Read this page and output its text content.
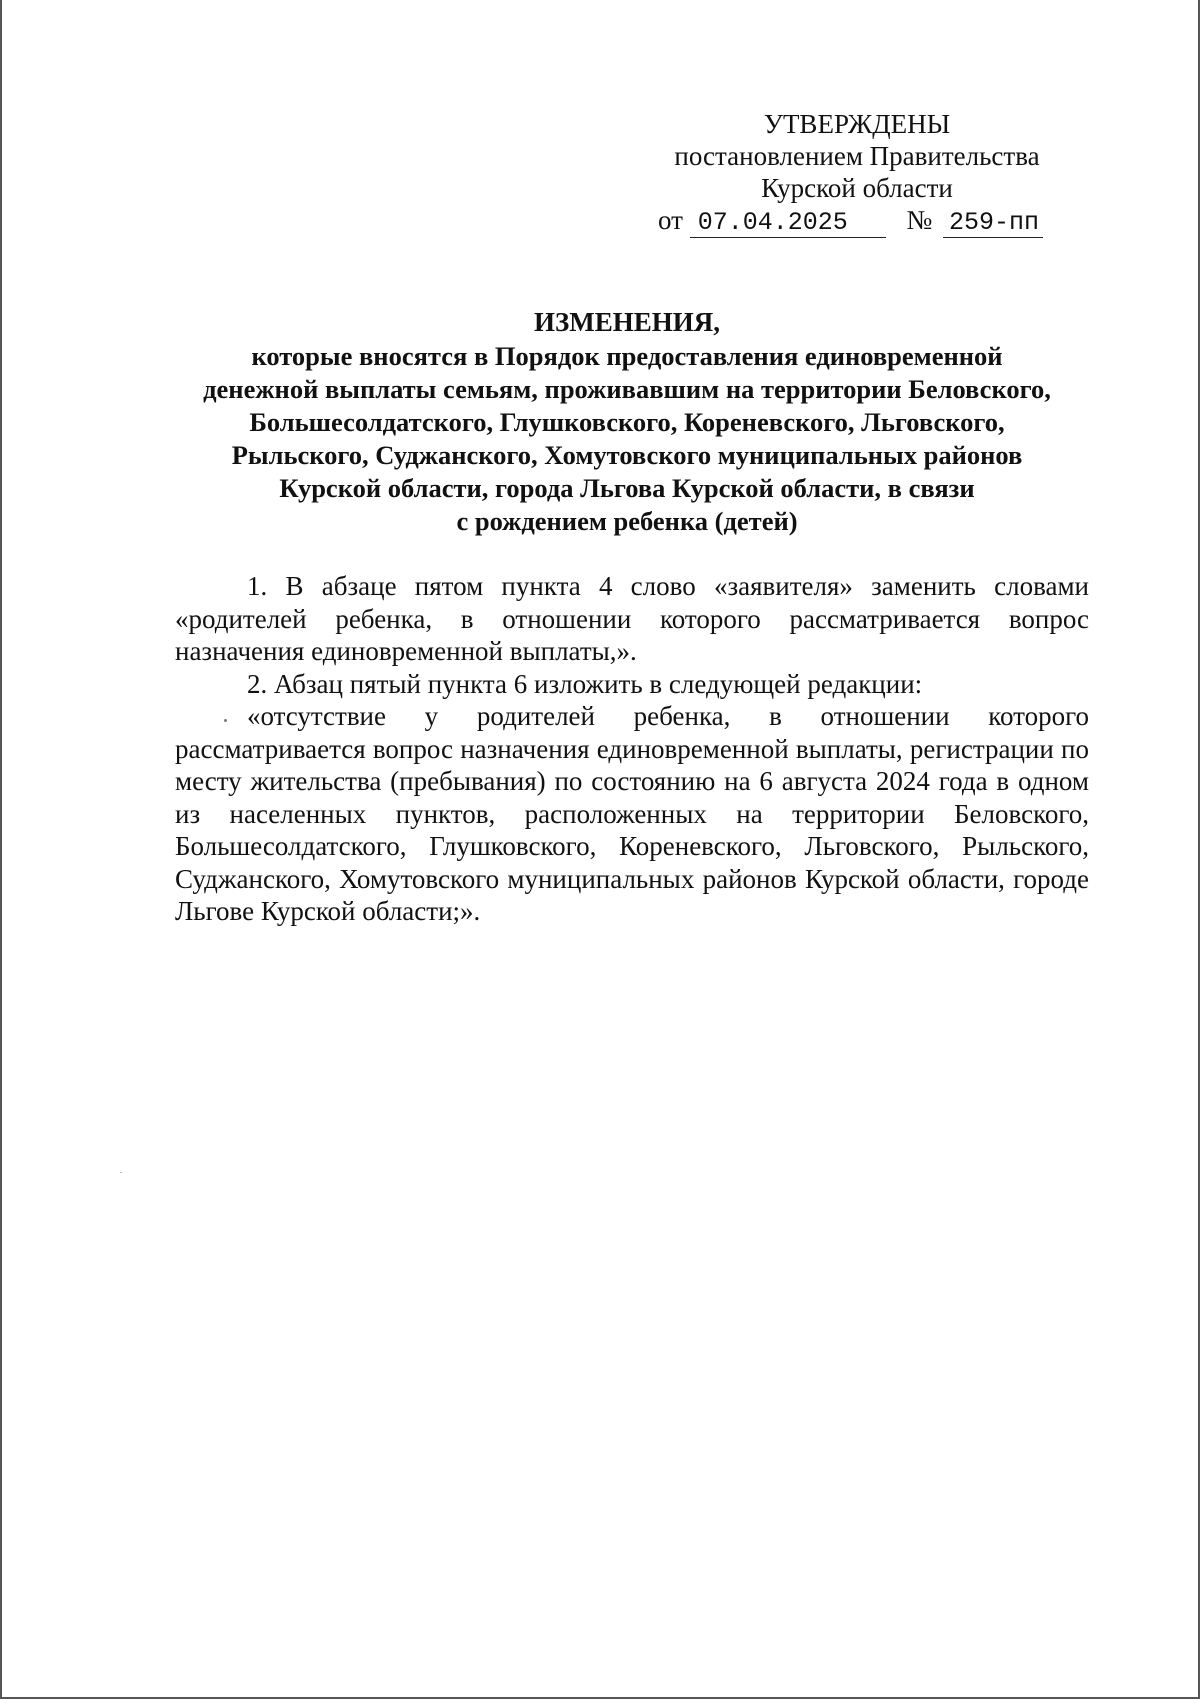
УТВЕРЖДЕНЫ
постановлением Правительства
Курской области
от 07.04.2025 № 259-пп
ИЗМЕНЕНИЯ,
которые вносятся в Порядок предоставления единовременной
денежной выплаты семьям, проживавшим на территории Беловского,
Большесолдатского, Глушковского, Кореневского, Льговского,
Рыльского, Суджанского, Хомутовского муниципальных районов
Курской области, города Льгова Курской области, в связи
с рождением ребенка (детей)

1. В абзаце пятом пункта 4 слово «заявителя» заменить словами «родителей ребенка, в отношении которого рассматривается вопрос назначения единовременной выплаты,».

2. Абзац пятый пункта 6 изложить в следующей редакции:

«отсутствие у родителей ребенка, в отношении которого рассматривается вопрос назначения единовременной выплаты, регистрации по месту жительства (пребывания) по состоянию на 6 августа 2024 года в одном из населенных пунктов, расположенных на территории Беловского, Большесолдатского, Глушковского, Кореневского, Льговского, Рыльского, Суджанского, Хомутовского муниципальных районов Курской области, городе Льгове Курской области;».
